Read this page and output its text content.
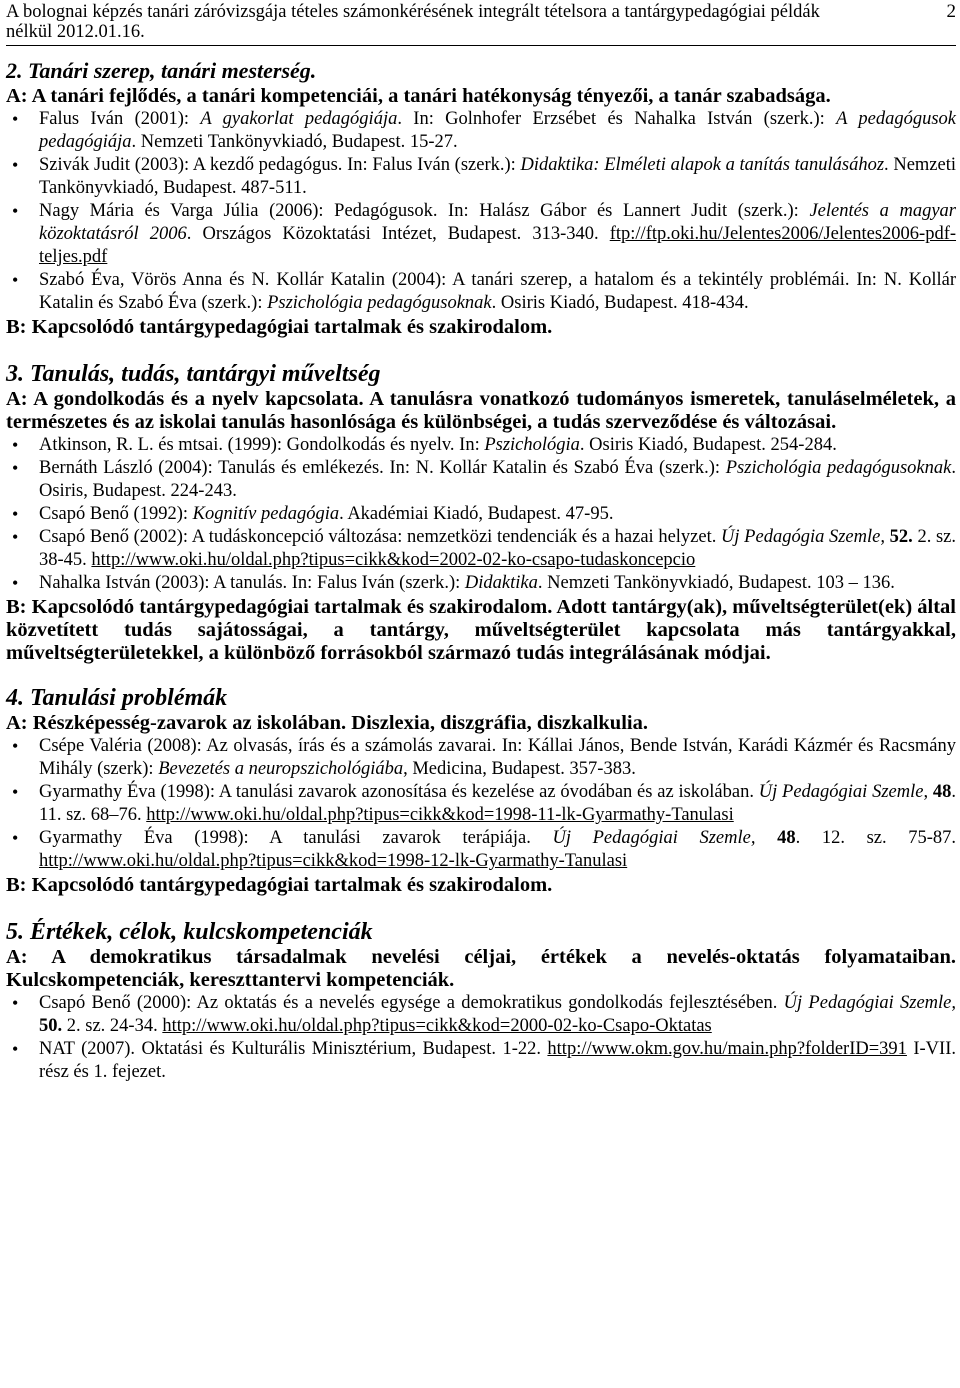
A bolognai képzés tanári záróvizsgája tételes számonkérésének integrált tételsora a tantárgypedagógiai példák
nélkül 2012.01.16.
2
2. Tanári szerep, tanári mesterség.
A: A tanári fejlődés, a tanári kompetenciái, a tanári hatékonyság tényezői, a tanár szabadsága.
• Falus Iván (2001): A gyakorlat pedagógiája. In: Golnhofer Erzsébet és Nahalka István (szerk.): A pedagógusok pedagógiája. Nemzeti Tankönyvkiadó, Budapest. 15-27.
• Szivák Judit (2003): A kezdő pedagógus. In: Falus Iván (szerk.): Didaktika: Elméleti alapok a tanítás tanulásához. Nemzeti Tankönyvkiadó, Budapest. 487-511.
• Nagy Mária és Varga Júlia (2006): Pedagógusok. In: Halász Gábor és Lannert Judit (szerk.): Jelentés a magyar közoktatásról 2006. Országos Közoktatási Intézet, Budapest. 313-340. ftp://ftp.oki.hu/Jelentes2006/Jelentes2006-pdf-teljes.pdf
• Szabó Éva, Vörös Anna és N. Kollár Katalin (2004): A tanári szerep, a hatalom és a tekintély problémái. In: N. Kollár Katalin és Szabó Éva (szerk.): Pszichológia pedagógusoknak. Osiris Kiadó, Budapest. 418-434.
B: Kapcsolódó tantárgypedagógiai tartalmak és szakirodalom.
3. Tanulás, tudás, tantárgyi műveltség
A: A gondolkodás és a nyelv kapcsolata. A tanulásra vonatkozó tudományos ismeretek, tanuláselméletek, a természetes és az iskolai tanulás hasonlósága és különbségei, a tudás szerveződése és változásai.
• Atkinson, R. L. és mtsai. (1999): Gondolkodás és nyelv. In: Pszichológia. Osiris Kiadó, Budapest. 254-284.
• Bernáth László (2004): Tanulás és emlékezés. In: N. Kollár Katalin és Szabó Éva (szerk.): Pszichológia pedagógusoknak. Osiris, Budapest. 224-243.
• Csapó Benő (1992): Kognitív pedagógia. Akadémiai Kiadó, Budapest. 47-95.
• Csapó Benő (2002): A tudáskoncepció változása: nemzetközi tendenciák és a hazai helyzet. Új Pedagógia Szemle, 52. 2. sz. 38-45. http://www.oki.hu/oldal.php?tipus=cikk&kod=2002-02-ko-csapo-tudaskoncepcio
• Nahalka István (2003): A tanulás. In: Falus Iván (szerk.): Didaktika. Nemzeti Tankönyvkiadó, Budapest. 103 – 136.
B: Kapcsolódó tantárgypedagógiai tartalmak és szakirodalom. Adott tantárgy(ak), műveltségterület(ek) által közvetített tudás sajátosságai, a tantárgy, műveltségterület kapcsolata más tantárgyakkal, műveltségterületekkel, a különböző forrásokból származó tudás integrálásának módjai.
4. Tanulási problémák
A: Részképesség-zavarok az iskolában. Diszlexia, diszgráfia, diszkalkulia.
• Csépe Valéria (2008): Az olvasás, írás és a számolás zavarai. In: Kállai János, Bende István, Karádi Kázmér és Racsmány Mihály (szerk): Bevezetés a neuropszichológiába, Medicina, Budapest. 357-383.
• Gyarmathy Éva (1998): A tanulási zavarok azonosítása és kezelése az óvodában és az iskolában. Új Pedagógiai Szemle, 48. 11. sz. 68–76. http://www.oki.hu/oldal.php?tipus=cikk&kod=1998-11-lk-Gyarmathy-Tanulasi
• Gyarmathy Éva (1998): A tanulási zavarok terápiája. Új Pedagógiai Szemle, 48. 12. sz. 75-87. http://www.oki.hu/oldal.php?tipus=cikk&kod=1998-12-lk-Gyarmathy-Tanulasi
B: Kapcsolódó tantárgypedagógiai tartalmak és szakirodalom.
5. Értékek, célok, kulcskompetenciák
A: A demokratikus társadalmak nevelési céljai, értékek a nevelés-oktatás folyamataiban. Kulcskompetenciák, kereszttantervi kompetenciák.
• Csapó Benő (2000): Az oktatás és a nevelés egysége a demokratikus gondolkodás fejlesztésében. Új Pedagógiai Szemle, 50. 2. sz. 24-34. http://www.oki.hu/oldal.php?tipus=cikk&kod=2000-02-ko-Csapo-Oktatas
• NAT (2007). Oktatási és Kulturális Minisztérium, Budapest. 1-22. http://www.okm.gov.hu/main.php?folderID=391 I-VII. rész és 1. fejezet.
